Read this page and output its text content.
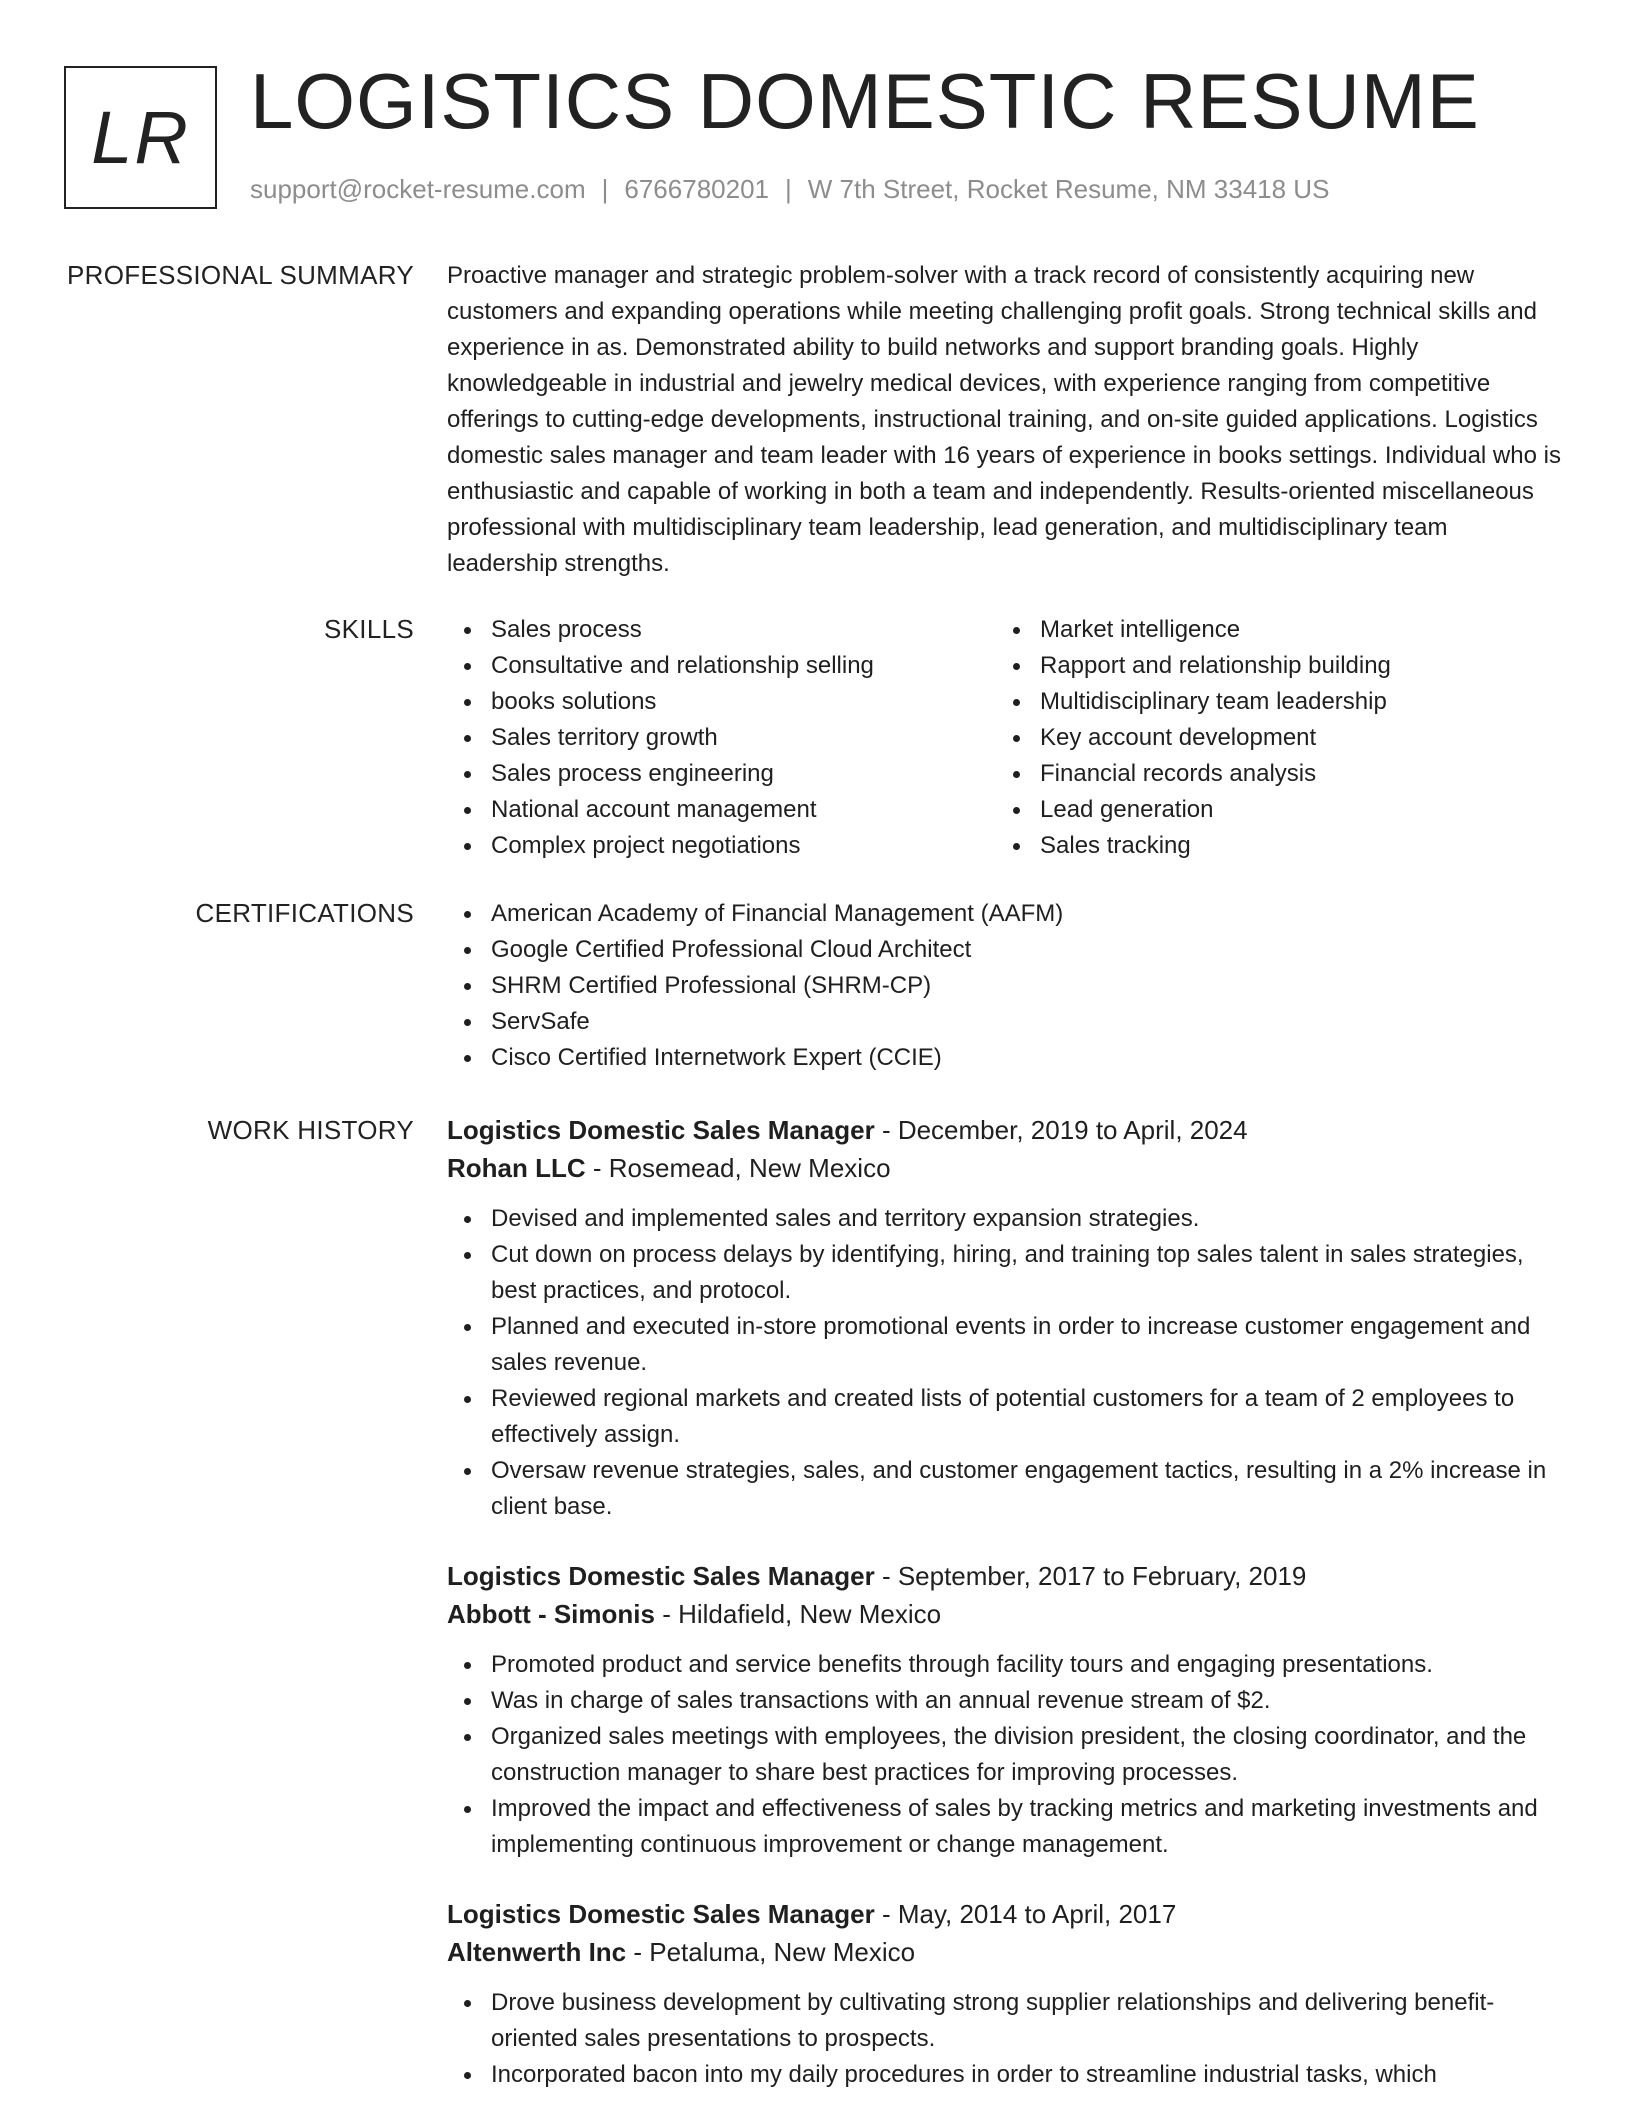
LR LOGISTICS DOMESTIC RESUME
support@rocket-resume.com | 6766780201 | W 7th Street, Rocket Resume, NM 33418 US
PROFESSIONAL SUMMARY Proactive manager and strategic problem-solver with a track record of consistently acquiring new customers and expanding operations while meeting challenging profit goals. Strong technical skills and experience in as. Demonstrated ability to build networks and support branding goals. Highly knowledgeable in industrial and jewelry medical devices, with experience ranging from competitive offerings to cutting-edge developments, instructional training, and on-site guided applications. Logistics domestic sales manager and team leader with 16 years of experience in books settings. Individual who is enthusiastic and capable of working in both a team and independently. Results-oriented miscellaneous professional with multidisciplinary team leadership, lead generation, and multidisciplinary team leadership strengths.

SKILLS	Sales process
Consultative and relationship selling
books solutions
Sales territory growth
Sales process engineering
National account management
Complex project negotiations
Market intelligence
Rapport and relationship building
Multidisciplinary team leadership
Key account development
Financial records analysis
Lead generation
Sales tracking
CERTIFICATIONS	American Academy of Financial Management (AAFM)
Google Certified Professional Cloud Architect
SHRM Certified Professional (SHRM-CP)
ServSafe
Cisco Certified Internetwork Expert (CCIE)
WORK HISTORY Logistics Domestic Sales Manager - December, 2019 to April, 2024
Rohan LLC - Rosemead, New Mexico
Devised and implemented sales and territory expansion strategies.
Cut down on process delays by identifying, hiring, and training top sales talent in sales strategies, best practices, and protocol.
Planned and executed in-store promotional events in order to increase customer engagement and sales revenue.
Reviewed regional markets and created lists of potential customers for a team of 2 employees to effectively assign.
Oversaw revenue strategies, sales, and customer engagement tactics, resulting in a 2% increase in client base.
Logistics Domestic Sales Manager - September, 2017 to February, 2019
Abbott - Simonis - Hildafield, New Mexico
Promoted product and service benefits through facility tours and engaging presentations.
Was in charge of sales transactions with an annual revenue stream of $2.
Organized sales meetings with employees, the division president, the closing coordinator, and the construction manager to share best practices for improving processes.
Improved the impact and effectiveness of sales by tracking metrics and marketing investments and implementing continuous improvement or change management.
Logistics Domestic Sales Manager - May, 2014 to April, 2017
Altenwerth Inc - Petaluma, New Mexico
Drove business development by cultivating strong supplier relationships and delivering benefit-oriented sales presentations to prospects.
Incorporated bacon into my daily procedures in order to streamline industrial tasks, which
